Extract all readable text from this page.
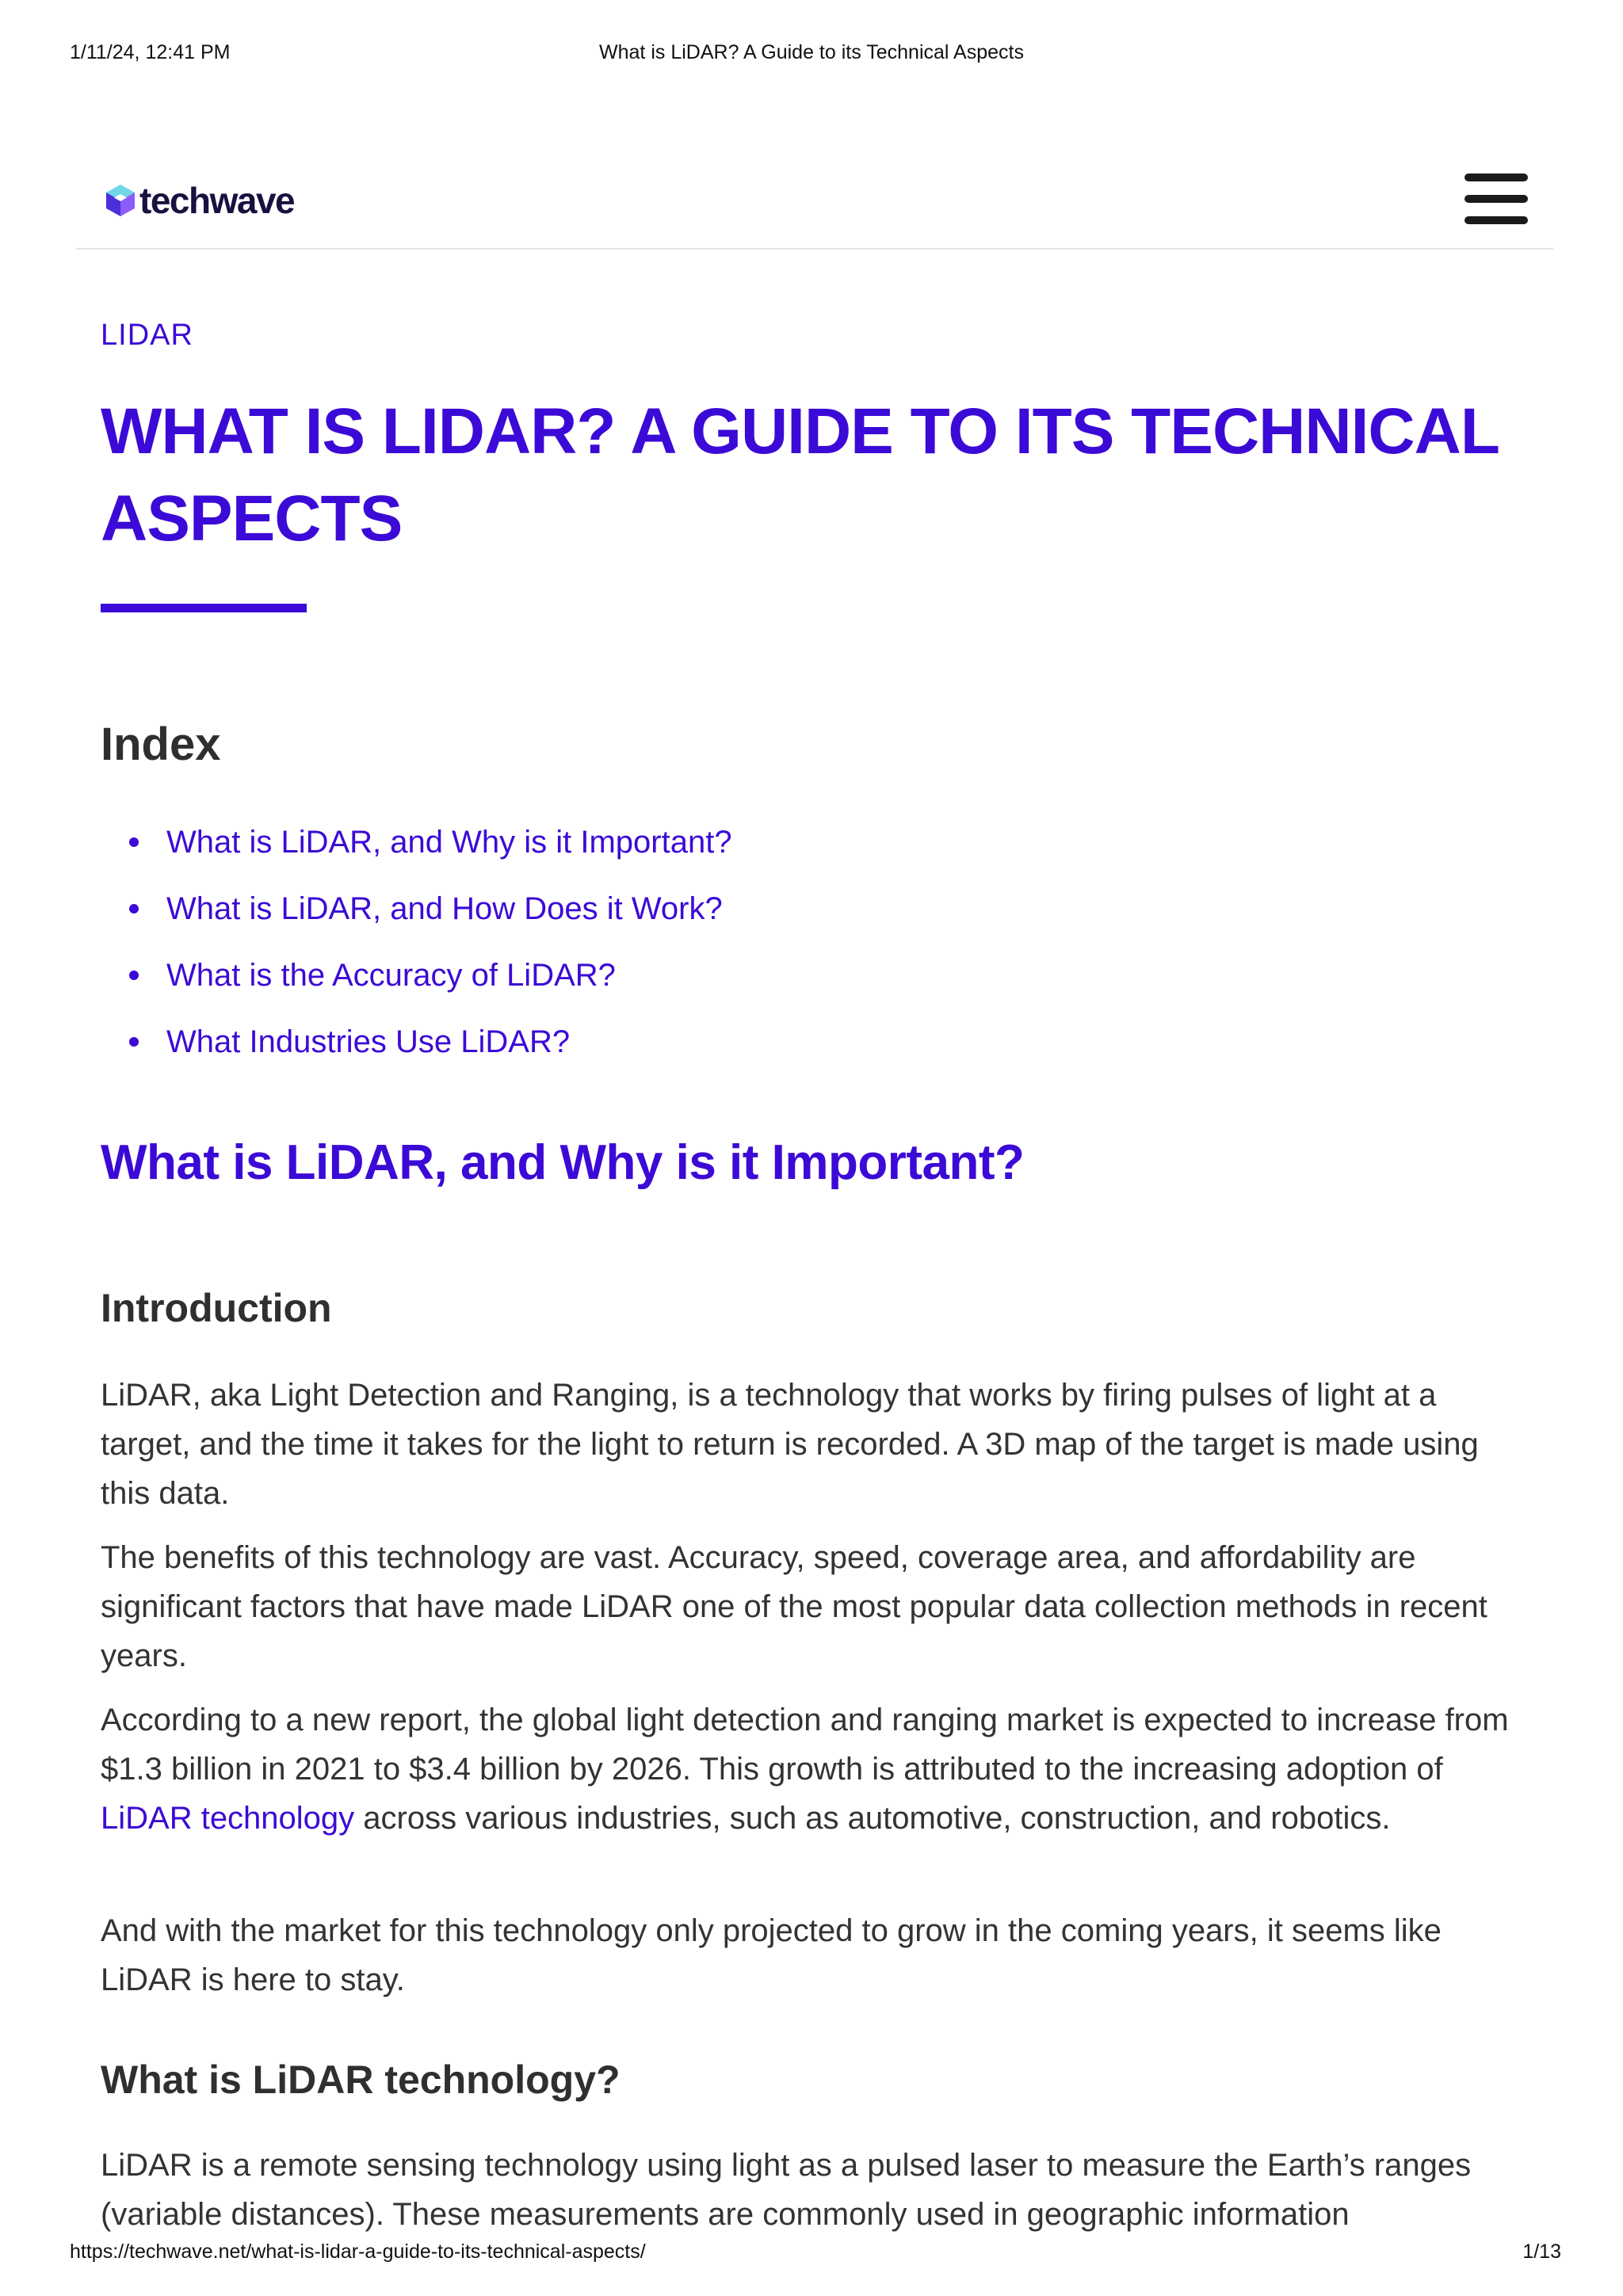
1/11/24, 12:41 PM	What is LiDAR? A Guide to its Technical Aspects
techwave
LIDAR
WHAT IS LIDAR? A GUIDE TO ITS TECHNICAL ASPECTS
Index
What is LiDAR, and Why is it Important?
What is LiDAR, and How Does it Work?
What is the Accuracy of LiDAR?
What Industries Use LiDAR?
What is LiDAR, and Why is it Important?
Introduction

LiDAR, aka Light Detection and Ranging, is a technology that works by firing pulses of light at a target, and the time it takes for the light to return is recorded. A 3D map of the target is made using this data.

The benefits of this technology are vast. Accuracy, speed, coverage area, and affordability are significant factors that have made LiDAR one of the most popular data collection methods in recent years.

According to a new report, the global light detection and ranging market is expected to increase from $1.3 billion in 2021 to $3.4 billion by 2026. This growth is attributed to the increasing adoption of LiDAR technology across various industries, such as automotive, construction, and robotics.

And with the market for this technology only projected to grow in the coming years, it seems like LiDAR is here to stay.

What is LiDAR technology?

LiDAR is a remote sensing technology using light as a pulsed laser to measure the Earth’s ranges (variable distances). These measurements are commonly used in geographic information

https://techwave.net/what-is-lidar-a-guide-to-its-technical-aspects/	1/13
